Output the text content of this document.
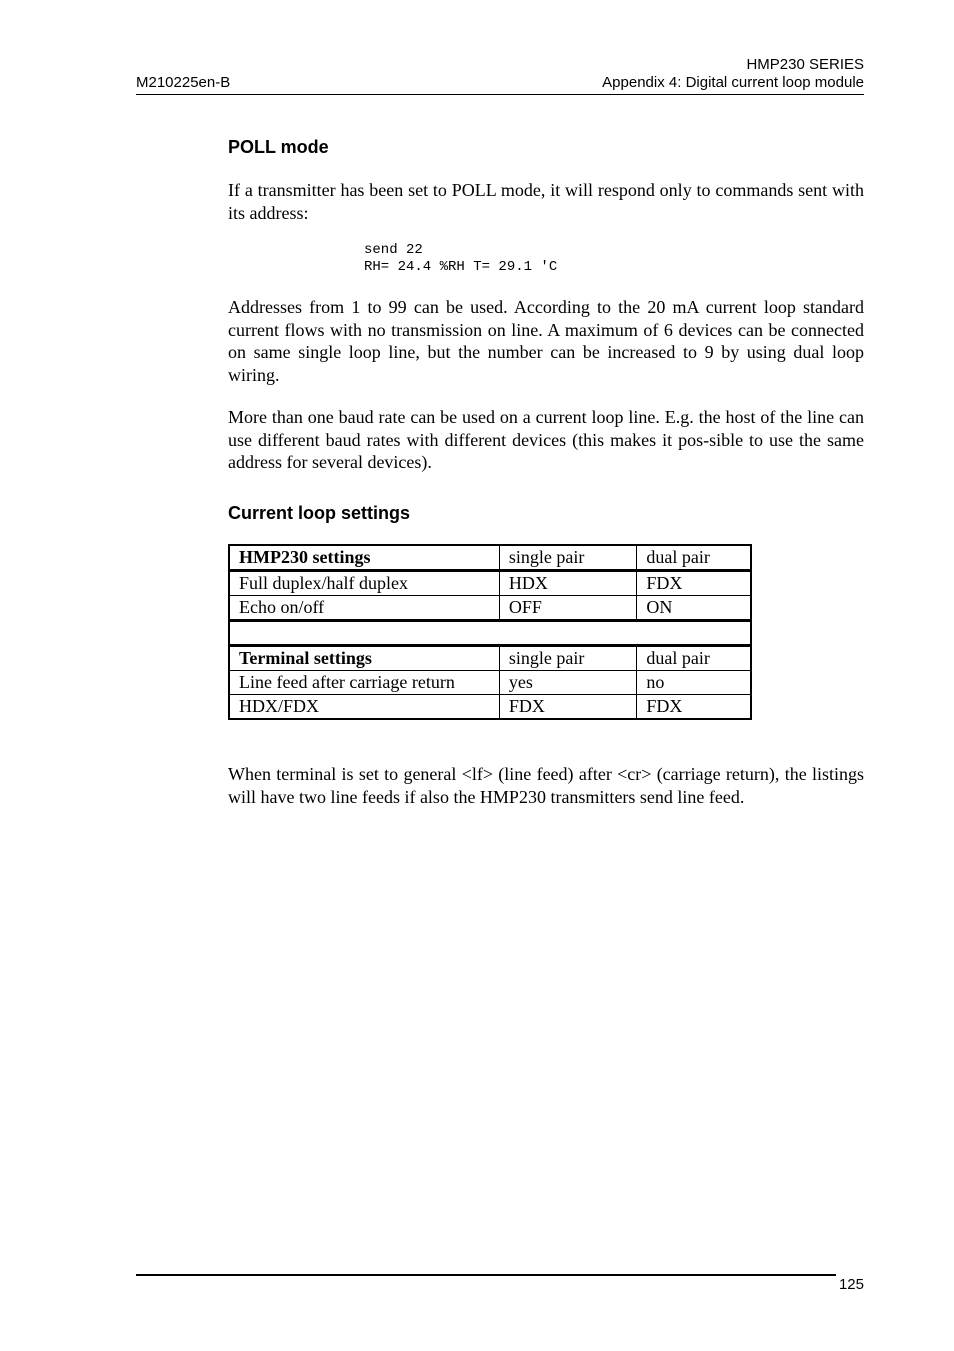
HMP230 SERIES
M210225en-B	Appendix 4: Digital current loop module
POLL mode
If a transmitter has been set to POLL mode, it will respond only to commands sent with its address:
send 22
RH= 24.4 %RH T= 29.1 'C
Addresses from 1 to 99 can be used. According to the 20 mA current loop standard current flows with no transmission on line. A maximum of 6 devices can be connected on same single loop line, but the number can be increased to 9 by using dual loop wiring.
More than one baud rate can be used on a current loop line. E.g. the host of the line can use different baud rates with different devices (this makes it pos-sible to use the same address for several devices).
Current loop settings
HMP230 settings	single pair	dual pair
Full duplex/half duplex	HDX	FDX
Echo on/off	OFF	ON

Terminal settings	single pair	dual pair
Line feed after carriage return	yes	no
HDX/FDX	FDX	FDX
When terminal is set to general <lf> (line feed) after <cr> (carriage return), the listings will have two line feeds if also the HMP230 transmitters send line feed.
125
